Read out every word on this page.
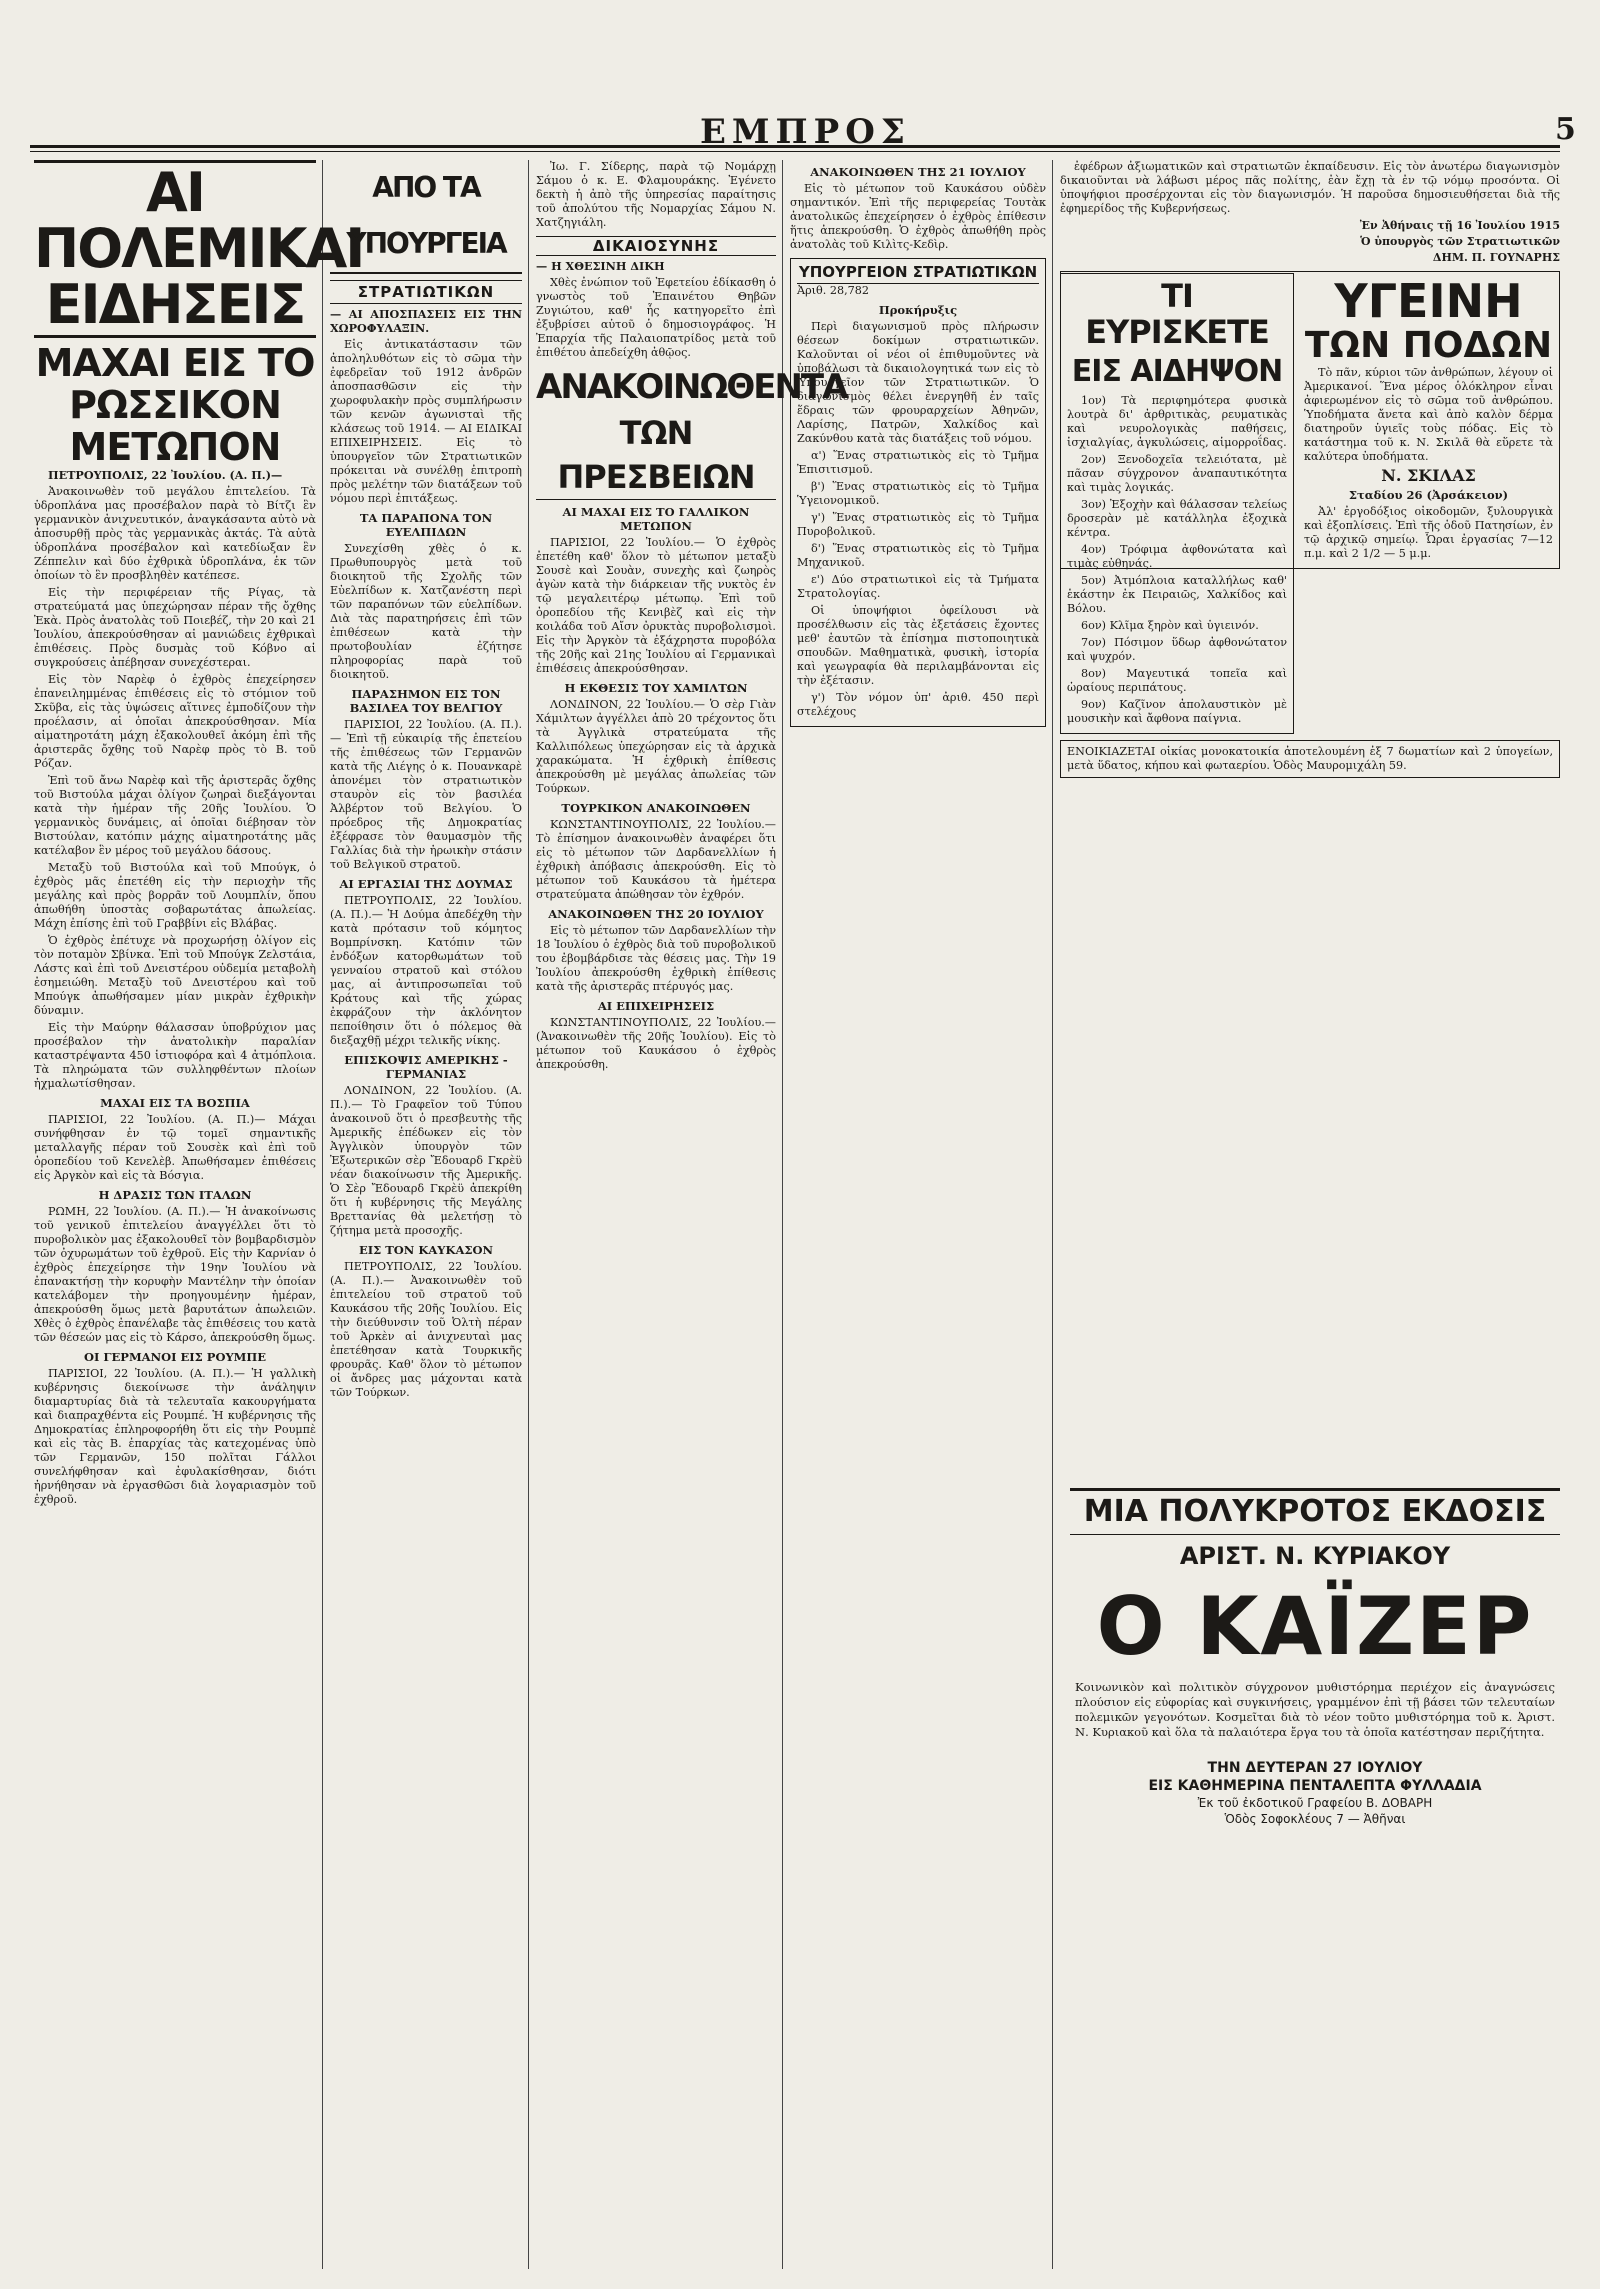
ΕΜΠΡΟΣ	5
ΑΙ ΠΟΛΕΜΙΚΑΙ ΕΙΔΗΣΕΙΣ
ΜΑΧΑΙ ΕΙΣ ΤΟ ΡΩΣΣΙΚΟΝ ΜΕΤΩΠΟΝ

ΠΕΤΡΟΥΠΟΛΙΣ, 22 Ἰουλίου. (Α. Π.)—

Ἀνακοινωθὲν τοῦ μεγάλου ἐπιτελείου. Τὰ ὑδροπλάνα μας προσέβαλον παρὰ τὸ Βίτζι ἓν γερμανικὸν ἀνιχνευτικόν, ἀναγκάσαντα αὐτὸ νὰ ἀποσυρθῇ πρὸς τὰς γερμανικὰς ἀκτάς. Τὰ αὐτὰ ὑδροπλάνα προσέβαλον καὶ κατεδίωξαν ἓν Ζέππελιν καὶ δύο ἐχθρικὰ ὑδροπλάνα, ἐκ τῶν ὁποίων τὸ ἓν προσβληθὲν κατέπεσε.

Εἰς τὴν περιφέρειαν τῆς Ρίγας, τὰ στρατεύματά μας ὑπεχώρησαν πέραν τῆς ὄχθης Ἐκὰ. Πρὸς ἀνατολὰς τοῦ Ποιεβέζ, τὴν 20 καὶ 21 Ἰουλίου, ἀπεκρούσθησαν αἱ μανιώδεις ἐχθρικαὶ ἐπιθέσεις. Πρὸς δυσμὰς τοῦ Κόβνο αἱ συγκρούσεις ἀπέβησαν συνεχέστεραι.

Εἰς τὸν Ναρὲφ ὁ ἐχθρὸς ἐπεχείρησεν ἐπανειλημμένας ἐπιθέσεις εἰς τὸ στόμιον τοῦ Σκῦβα, εἰς τὰς ὑψώσεις αἵτινες ἐμποδίζουν τὴν προέλασιν, αἱ ὁποῖαι ἀπεκρούσθησαν. Μία αἱματηροτάτη μάχη ἐξακολουθεῖ ἀκόμη ἐπὶ τῆς ἀριστερᾶς ὄχθης τοῦ Ναρὲφ πρὸς τὸ Β. τοῦ Ρόζαν.

Ἐπὶ τοῦ ἄνω Ναρὲφ καὶ τῆς ἀριστερᾶς ὄχθης τοῦ Βιστούλα μάχαι ὀλίγον ζωηραὶ διεξάγονται κατὰ τὴν ἡμέραν τῆς 20ῆς Ἰουλίου. Ὁ γερμανικὸς δυνάμεις, αἱ ὁποῖαι διέβησαν τὸν Βιστούλαν, κατόπιν μάχης αἱματηροτάτης μᾶς κατέλαβον ἓν μέρος τοῦ μεγάλου δάσους.

Μεταξὺ τοῦ Βιστούλα καὶ τοῦ Μπούγκ, ὁ ἐχθρὸς μᾶς ἐπετέθη εἰς τὴν περιοχὴν τῆς μεγάλης καὶ πρὸς βορρᾶν τοῦ Λουμπλίν, ὅπου ἀπωθήθη ὑποστὰς σοβαρωτάτας ἀπωλείας. Μάχη ἐπίσης ἐπὶ τοῦ Γραββίνι εἰς Βλάβας.

Ὁ ἐχθρὸς ἐπέτυχε νὰ προχωρήσῃ ὀλίγον εἰς τὸν ποταμὸν Σβίνκα. Ἐπὶ τοῦ Μπούγκ Ζελστάια, Λάστς καὶ ἐπὶ τοῦ Δνειστέρου οὐδεμία μεταβολὴ ἐσημειώθη. Μεταξὺ τοῦ Δνειστέρου καὶ τοῦ Μπούγκ ἀπωθήσαμεν μίαν μικρὰν ἐχθρικὴν δύναμιν.

Εἰς τὴν Μαύρην θάλασσαν ὑποβρύχιον μας προσέβαλον τὴν ἀνατολικὴν παραλίαν καταστρέψαντα 450 ἱστιοφόρα καὶ 4 ἀτμόπλοια. Τὰ πληρώματα τῶν συλληφθέντων πλοίων ἠχμαλωτίσθησαν.

ΜΑΧΑΙ ΕΙΣ ΤΑ ΒΟΣΠΙΑ

ΠΑΡΙΣΙΟΙ, 22 Ἰουλίου. (Α. Π.)— Μάχαι συνήφθησαν ἐν τῷ τομεῖ σημαντικῆς μεταλλαγῆς πέραν τοῦ Σουσὲκ καὶ ἐπὶ τοῦ ὀροπεδίου τοῦ Κενελὲβ. Ἀπωθήσαμεν ἐπιθέσεις εἰς Ἀργκὸν καὶ εἰς τὰ Βόσγια.

Η ΔΡΑΣΙΣ ΤΩΝ ΙΤΑΛΩΝ

ΡΩΜΗ, 22 Ἰουλίου. (Α. Π.).— Ἡ ἀνακοίνωσις τοῦ γενικοῦ ἐπιτελείου ἀναγγέλλει ὅτι τὸ πυροβολικὸν μας ἐξακολουθεῖ τὸν βομβαρδισμὸν τῶν ὀχυρωμάτων τοῦ ἐχθροῦ. Εἰς τὴν Καρνίαν ὁ ἐχθρὸς ἐπεχείρησε τὴν 19ην Ἰουλίου νὰ ἐπανακτήσῃ τὴν κορυφὴν Μαντέλην τὴν ὁποίαν κατελάβομεν τὴν προηγουμένην ἡμέραν, ἀπεκρούσθη ὅμως μετὰ βαρυτάτων ἀπωλειῶν. Χθὲς ὁ ἐχθρὸς ἐπανέλαβε τὰς ἐπιθέσεις του κατὰ τῶν θέσεών μας εἰς τὸ Κάρσο, ἀπεκρούσθη ὅμως.

ΟΙ ΓΕΡΜΑΝΟΙ ΕΙΣ ΡΟΥΜΠΕ

ΠΑΡΙΣΙΟΙ, 22 Ἰουλίου. (Α. Π.).— Ἡ γαλλικὴ κυβέρνησις διεκοίνωσε τὴν ἀνάληψιν διαμαρτυρίας διὰ τὰ τελευταῖα κακουργήματα καὶ διαπραχθέντα εἰς Ρουμπέ. Ἡ κυβέρνησις τῆς Δημοκρατίας ἐπληροφορήθη ὅτι εἰς τὴν Ρουμπὲ καὶ εἰς τὰς Β. ἐπαρχίας τὰς κατεχομένας ὑπὸ τῶν Γερμανῶν, 150 πολῖται Γάλλοι συνελήφθησαν καὶ ἐφυλακίσθησαν, διότι ἠρνήθησαν νὰ ἐργασθῶσι διὰ λογαριασμὸν τοῦ ἐχθροῦ.

ΑΠΟ ΤΑ ΥΠΟΥΡΓΕΙΑ
ΣΤΡΑΤΙΩΤΙΚΩΝ

— ΑΙ ΑΠΟΣΠΑΣΕΙΣ ΕΙΣ ΤΗΝ ΧΩΡΟΦΥΛΑΞΙΝ.

Εἰς ἀντικατάστασιν τῶν ἀποληλυθότων εἰς τὸ σῶμα τὴν ἐφεδρεῖαν τοῦ 1912 ἀνδρῶν ἀποσπασθῶσιν εἰς τὴν χωροφυλακὴν πρὸς συμπλήρωσιν τῶν κενῶν ἀγωνισταὶ τῆς κλάσεως τοῦ 1914. — ΑΙ ΕΙΔΙΚΑΙ ΕΠΙΧΕΙΡΗΣΕΙΣ. Εἰς τὸ ὑπουργεῖον τῶν Στρατιωτικῶν πρόκειται νὰ συνέλθῃ ἐπιτροπὴ πρὸς μελέτην τῶν διατάξεων τοῦ νόμου περὶ ἐπιτάξεως.

ΤΑ ΠΑΡΑΠΟΝΑ ΤΟΝ ΕΥΕΛΠΙΔΩΝ

Συνεχίσθη χθὲς ὁ κ. Πρωθυπουργὸς μετὰ τοῦ διοικητοῦ τῆς Σχολῆς τῶν Εὐελπίδων κ. Χατζανέστη περὶ τῶν παραπόνων τῶν εὐελπίδων. Διὰ τὰς παρατηρήσεις ἐπὶ τῶν ἐπιθέσεων κατὰ τὴν πρωτοβουλίαν ἐζήτησε πληροφορίας παρὰ τοῦ διοικητοῦ.

ΠΑΡΑΣΗΜΟΝ ΕΙΣ ΤΟΝ ΒΑΣΙΛΕΑ ΤΟΥ ΒΕΛΓΙΟΥ

ΠΑΡΙΣΙΟΙ, 22 Ἰουλίου. (Α. Π.).— Ἐπὶ τῇ εὐκαιρίᾳ τῆς ἐπετείου τῆς ἐπιθέσεως τῶν Γερμανῶν κατὰ τῆς Λιέγης ὁ κ. Πουανκαρὲ ἀπονέμει τὸν στρατιωτικὸν σταυρὸν εἰς τὸν βασιλέα Ἀλβέρτον τοῦ Βελγίου. Ὁ πρόεδρος τῆς Δημοκρατίας ἐξέφρασε τὸν θαυμασμὸν τῆς Γαλλίας διὰ τὴν ἡρωικὴν στάσιν τοῦ Βελγικοῦ στρατοῦ.

ΑΙ ΕΡΓΑΣΙΑΙ ΤΗΣ ΔΟΥΜΑΣ

ΠΕΤΡΟΥΠΟΛΙΣ, 22 Ἰουλίου. (Α. Π.).— Ἡ Δούμα ἀπεδέχθη τὴν κατὰ πρότασιν τοῦ κόμητος Βομπρίνσκη. Κατόπιν τῶν ἐνδόξων κατορθωμάτων τοῦ γενναίου στρατοῦ καὶ στόλου μας, αἱ ἀντιπροσωπεῖαι τοῦ Κράτους καὶ τῆς χώρας ἐκφράζουν τὴν ἀκλόνητον πεποίθησιν ὅτι ὁ πόλεμος θὰ διεξαχθῇ μέχρι τελικῆς νίκης.

ΕΠΙΣΚΟΨΙΣ ΑΜΕΡΙΚΗΣ - ΓΕΡΜΑΝΙΑΣ

ΛΟΝΔΙΝΟΝ, 22 Ἰουλίου. (Α. Π.).— Τὸ Γραφεῖον τοῦ Τύπου ἀνακοινοῦ ὅτι ὁ πρεσβευτὴς τῆς Ἀμερικῆς ἐπέδωκεν εἰς τὸν Ἀγγλικὸν ὑπουργὸν τῶν Ἐξωτερικῶν σὲρ Ἔδουαρδ Γκρὲϋ νέαν διακοίνωσιν τῆς Ἀμερικῆς. Ὁ Σὲρ Ἔδουαρδ Γκρὲϋ ἀπεκρίθη ὅτι ἡ κυβέρνησις τῆς Μεγάλης Βρεττανίας θὰ μελετήσῃ τὸ ζήτημα μετὰ προσοχῆς.

ΕΙΣ ΤΟΝ ΚΑΥΚΑΣΟΝ

ΠΕΤΡΟΥΠΟΛΙΣ, 22 Ἰουλίου. (Α. Π.).— Ἀνακοινωθὲν τοῦ ἐπιτελείου τοῦ στρατοῦ τοῦ Καυκάσου τῆς 20ῆς Ἰουλίου. Εἰς τὴν διεύθυνσιν τοῦ Ὀλτὴ πέραν τοῦ Ἀρκὲν αἱ ἀνιχνευταὶ μας ἐπετέθησαν κατὰ Τουρκικῆς φρουρᾶς. Καθ' ὅλον τὸ μέτωπον οἱ ἄνδρες μας μάχονται κατὰ τῶν Τούρκων.

Ἰω. Γ. Σίδερης, παρὰ τῷ Νομάρχῃ Σάμου ὁ κ. Ε. Φλαμουράκης. Ἐγένετο δεκτὴ ἡ ἀπὸ τῆς ὑπηρεσίας παραίτησις τοῦ ἀπολύτου τῆς Νομαρχίας Σάμου Ν. Χατζηγιάλη.

ΔΙΚΑΙΟΣΥΝΗΣ

— Η ΧΘΕΣΙΝΗ ΔΙΚΗ

Χθὲς ἐνώπιον τοῦ Ἐφετείου ἐδίκασθη ὁ γνωστὸς τοῦ Ἐπαινέτου Θηβῶν Ζυγιώτου, καθ' ἧς κατηγορεῖτο ἐπὶ ἐξυβρίσει αὐτοῦ ὁ δημοσιογράφος. Ἡ Ἐπαρχία τῆς Παλαιοπατρίδος μετὰ τοῦ ἐπιθέτου ἀπεδείχθη ἀθῷος.

ΑΝΑΚΟΙΝΩΘΕΝΤΑ
ΤΩΝ ΠΡΕΣΒΕΙΩΝ
ΑΙ ΜΑΧΑΙ ΕΙΣ ΤΟ ΓΑΛΛΙΚΟΝ ΜΕΤΩΠΟΝ

ΠΑΡΙΣΙΟΙ, 22 Ἰουλίου.— Ὁ ἐχθρὸς ἐπετέθη καθ' ὅλον τὸ μέτωπον μεταξὺ Σουσὲ καὶ Σουὰν, συνεχὴς καὶ ζωηρὸς ἀγὼν κατὰ τὴν διάρκειαν τῆς νυκτὸς ἐν τῷ μεγαλειτέρῳ μέτωπῳ. Ἐπὶ τοῦ ὀροπεδίου τῆς Κενιβὲζ καὶ εἰς τὴν κοιλάδα τοῦ Αἴσν ὀρυκτὰς πυροβολισμοὶ. Εἰς τὴν Ἀργκὸν τὰ ἐξάχρηστα πυροβόλα τῆς 20ῆς καὶ 21ης Ἰουλίου αἱ Γερμανικαὶ ἐπιθέσεις ἀπεκρούσθησαν.

Η ΕΚΘΕΣΙΣ ΤΟΥ ΧΑΜΙΛΤΩΝ

ΛΟΝΔΙΝΟΝ, 22 Ἰουλίου.— Ὁ σὲρ Γιὰν Χάμιλτων ἀγγέλλει ἀπὸ 20 τρέχοντος ὅτι τὰ Ἀγγλικὰ στρατεύματα τῆς Καλλιπόλεως ὑπεχώρησαν εἰς τὰ ἀρχικὰ χαρακώματα. Ἡ ἐχθρικὴ ἐπίθεσις ἀπεκρούσθη μὲ μεγάλας ἀπωλείας τῶν Τούρκων.

ΤΟΥΡΚΙΚΟΝ ΑΝΑΚΟΙΝΩΘΕΝ

ΚΩΝΣΤΑΝΤΙΝΟΥΠΟΛΙΣ, 22 Ἰουλίου.— Τὸ ἐπίσημον ἀνακοινωθὲν ἀναφέρει ὅτι εἰς τὸ μέτωπον τῶν Δαρδανελλίων ἡ ἐχθρικὴ ἀπόβασις ἀπεκρούσθη. Εἰς τὸ μέτωπον τοῦ Καυκάσου τὰ ἡμέτερα στρατεύματα ἀπώθησαν τὸν ἐχθρόν.

ΑΝΑΚΟΙΝΩΘΕΝ ΤΗΣ 20 ΙΟΥΛΙΟΥ

Εἰς τὸ μέτωπον τῶν Δαρδανελλίων τὴν 18 Ἰουλίου ὁ ἐχθρὸς διὰ τοῦ πυροβολικοῦ του ἐβομβάρδισε τὰς θέσεις μας. Τὴν 19 Ἰουλίου ἀπεκρούσθη ἐχθρικὴ ἐπίθεσις κατὰ τῆς ἀριστερᾶς πτέρυγός μας.

ΑΙ ΕΠΙΧΕΙΡΗΣΕΙΣ

ΚΩΝΣΤΑΝΤΙΝΟΥΠΟΛΙΣ, 22 Ἰουλίου.— (Ἀνακοινωθὲν τῆς 20ῆς Ἰουλίου). Εἰς τὸ μέτωπον τοῦ Καυκάσου ὁ ἐχθρὸς ἀπεκρούσθη.

ΑΝΑΚΟΙΝΩΘΕΝ ΤΗΣ 21 ΙΟΥΛΙΟΥ

Εἰς τὸ μέτωπον τοῦ Καυκάσου οὐδὲν σημαντικόν. Ἐπὶ τῆς περιφερείας Τουτὰκ ἀνατολικῶς ἐπεχείρησεν ὁ ἐχθρὸς ἐπίθεσιν ἥτις ἀπεκρούσθη. Ὁ ἐχθρὸς ἀπωθήθη πρὸς ἀνατολὰς τοῦ Κιλὶτς-Κεδὶρ.

ΥΠΟΥΡΓΕΙΟΝ ΣΤΡΑΤΙΩΤΙΚΩΝ

Ἀριθ. 28,782

Προκήρυξις

Περὶ διαγωνισμοῦ πρὸς πλήρωσιν θέσεων δοκίμων στρατιωτικῶν. Καλοῦνται οἱ νέοι οἱ ἐπιθυμοῦντες νὰ ὑποβάλωσι τὰ δικαιολογητικά των εἰς τὸ Ὑπουργεῖον τῶν Στρατιωτικῶν. Ὁ διαγωνισμὸς θέλει ἐνεργηθῆ ἐν ταῖς ἕδραις τῶν φρουραρχείων Ἀθηνῶν, Λαρίσης, Πατρῶν, Χαλκίδος καὶ Ζακύνθου κατὰ τὰς διατάξεις τοῦ νόμου.

α') Ἕνας στρατιωτικὸς εἰς τὸ Τμῆμα Ἐπισιτισμοῦ.

β') Ἕνας στρατιωτικὸς εἰς τὸ Τμῆμα Ὑγειονομικοῦ.

γ') Ἕνας στρατιωτικὸς εἰς τὸ Τμῆμα Πυροβολικοῦ.

δ') Ἕνας στρατιωτικὸς εἰς τὸ Τμῆμα Μηχανικοῦ.

ε') Δύο στρατιωτικοὶ εἰς τὰ Τμήματα Στρατολογίας.

Οἱ ὑποψήφιοι ὀφείλουσι νὰ προσέλθωσιν εἰς τὰς ἐξετάσεις ἔχοντες μεθ' ἑαυτῶν τὰ ἐπίσημα πιστοποιητικὰ σπουδῶν. Μαθηματικὰ, φυσικὴ, ἱστορία καὶ γεωγραφία θὰ περιλαμβάνονται εἰς τὴν ἐξέτασιν.

γ') Τὸν νόμον ὑπ' ἀριθ. 450 περὶ στελέχους

ἐφέδρων ἀξιωματικῶν καὶ στρατιωτῶν ἐκπαίδευσιν. Εἰς τὸν ἀνωτέρω διαγωνισμὸν δικαιοῦνται νὰ λάβωσι μέρος πᾶς πολίτης, ἐὰν ἔχῃ τὰ ἐν τῷ νόμῳ προσόντα. Οἱ ὑποψήφιοι προσέρχονται εἰς τὸν διαγωνισμόν. Ἡ παροῦσα δημοσιευθήσεται διὰ τῆς ἐφημερίδος τῆς Κυβερνήσεως.

Ἐν Ἀθήναις τῇ 16 Ἰουλίου 1915
Ὁ ὑπουργὸς τῶν Στρατιωτικῶν
ΔΗΜ. Π. ΓΟΥΝΑΡΗΣ
ΤΙ ΕΥΡΙΣΚΕΤΕ
ΕΙΣ ΑΙΔΗΨΟΝ

1ον) Τὰ περιφημότερα φυσικὰ λουτρὰ δι' ἀρθριτικὰς, ρευματικὰς καὶ νευρολογικὰς παθήσεις, ἰσχιαλγίας, ἀγκυλώσεις, αἱμορροΐδας.

2ον) Ξενοδοχεῖα τελειότατα, μὲ πᾶσαν σύγχρονον ἀναπαυτικότητα καὶ τιμὰς λογικάς.

3ον) Ἐξοχὴν καὶ θάλασσαν τελείως δροσερὰν μὲ κατάλληλα ἐξοχικὰ κέντρα.

4ον) Τρόφιμα ἀφθονώτατα καὶ τιμὰς εὐθηνάς.

5ον) Ἀτμόπλοια καταλλήλως καθ' ἑκάστην ἐκ Πειραιῶς, Χαλκίδος καὶ Βόλου.

6ον) Κλῖμα ξηρὸν καὶ ὑγιεινόν.

7ον) Πόσιμον ὕδωρ ἀφθονώτατον καὶ ψυχρόν.

8ον) Μαγευτικά τοπεῖα καὶ ὡραίους περιπάτους.

9ον) Καζῖνον ἀπολαυστικὸν μὲ μουσικὴν καὶ ἄφθονα παίγνια.

ΥΓΕΙΝΗ
ΤΩΝ ΠΟΔΩΝ

Τὸ πᾶν, κύριοι τῶν ἀνθρώπων, λέγουν οἱ Ἀμερικανοί. Ἕνα μέρος ὁλόκληρον εἶναι ἀφιερωμένον εἰς τὸ σῶμα τοῦ ἀνθρώπου. Ὑποδήματα ἄνετα καὶ ἀπὸ καλὸν δέρμα διατηροῦν ὑγιεῖς τοὺς πόδας. Εἰς τὸ κατάστημα τοῦ κ. Ν. Σκιλᾶ θὰ εὕρετε τὰ καλύτερα ὑποδήματα.

Ν. ΣΚΙΛΑΣ
Σταδίου 26 (Ἀρσάκειον)

Ἀλ' ἐργοδόξιος οἰκοδομῶν, ξυλουργικὰ καὶ ἐξοπλίσεις. Ἐπὶ τῆς ὁδοῦ Πατησίων, ἐν τῷ ἀρχικῷ σημείῳ. Ὧραι ἐργασίας 7—12 π.μ. καὶ 2 1/2 — 5 μ.μ.

ΕΝΟΙΚΙΑΖΕΤΑΙ οἰκίας μονοκατοικία ἀποτελουμένη ἐξ 7 δωματίων καὶ 2 ὑπογείων, μετὰ ὕδατος, κήπου καὶ φωταερίου. Ὁδὸς Μαυρομιχάλη 59.
ΜΙΑ ΠΟΛΥΚΡΟΤΟΣ ΕΚΔΟΣΙΣ
ΑΡΙΣΤ. Ν. ΚΥΡΙΑΚΟΥ
Ο ΚΑΪΖΕΡ
Κοινωνικὸν καὶ πολιτικὸν σύγχρονον μυθιστόρημα περιέχον εἰς ἀναγνώσεις πλούσιον εἰς εὐφορίας καὶ συγκινήσεις, γραμμένον ἐπὶ τῇ βάσει τῶν τελευταίων πολεμικῶν γεγονότων. Κοσμεῖται διὰ τὸ νέον τοῦτο μυθιστόρημα τοῦ κ. Ἀριστ. Ν. Κυριακοῦ καὶ ὅλα τὰ παλαιότερα ἔργα του τὰ ὁποῖα κατέστησαν περιζήτητα.
ΤΗΝ ΔΕΥΤΕΡΑΝ 27 ΙΟΥΛΙΟΥ
ΕΙΣ ΚΑΘΗΜΕΡΙΝΑ ΠΕΝΤΑΛΕΠΤΑ ΦΥΛΛΑΔΙΑ
Ἐκ τοῦ ἐκδοτικοῦ Γραφείου Β. ΔΟΒΑΡΗ
Ὁδὸς Σοφοκλέους 7 — Ἀθῆναι
